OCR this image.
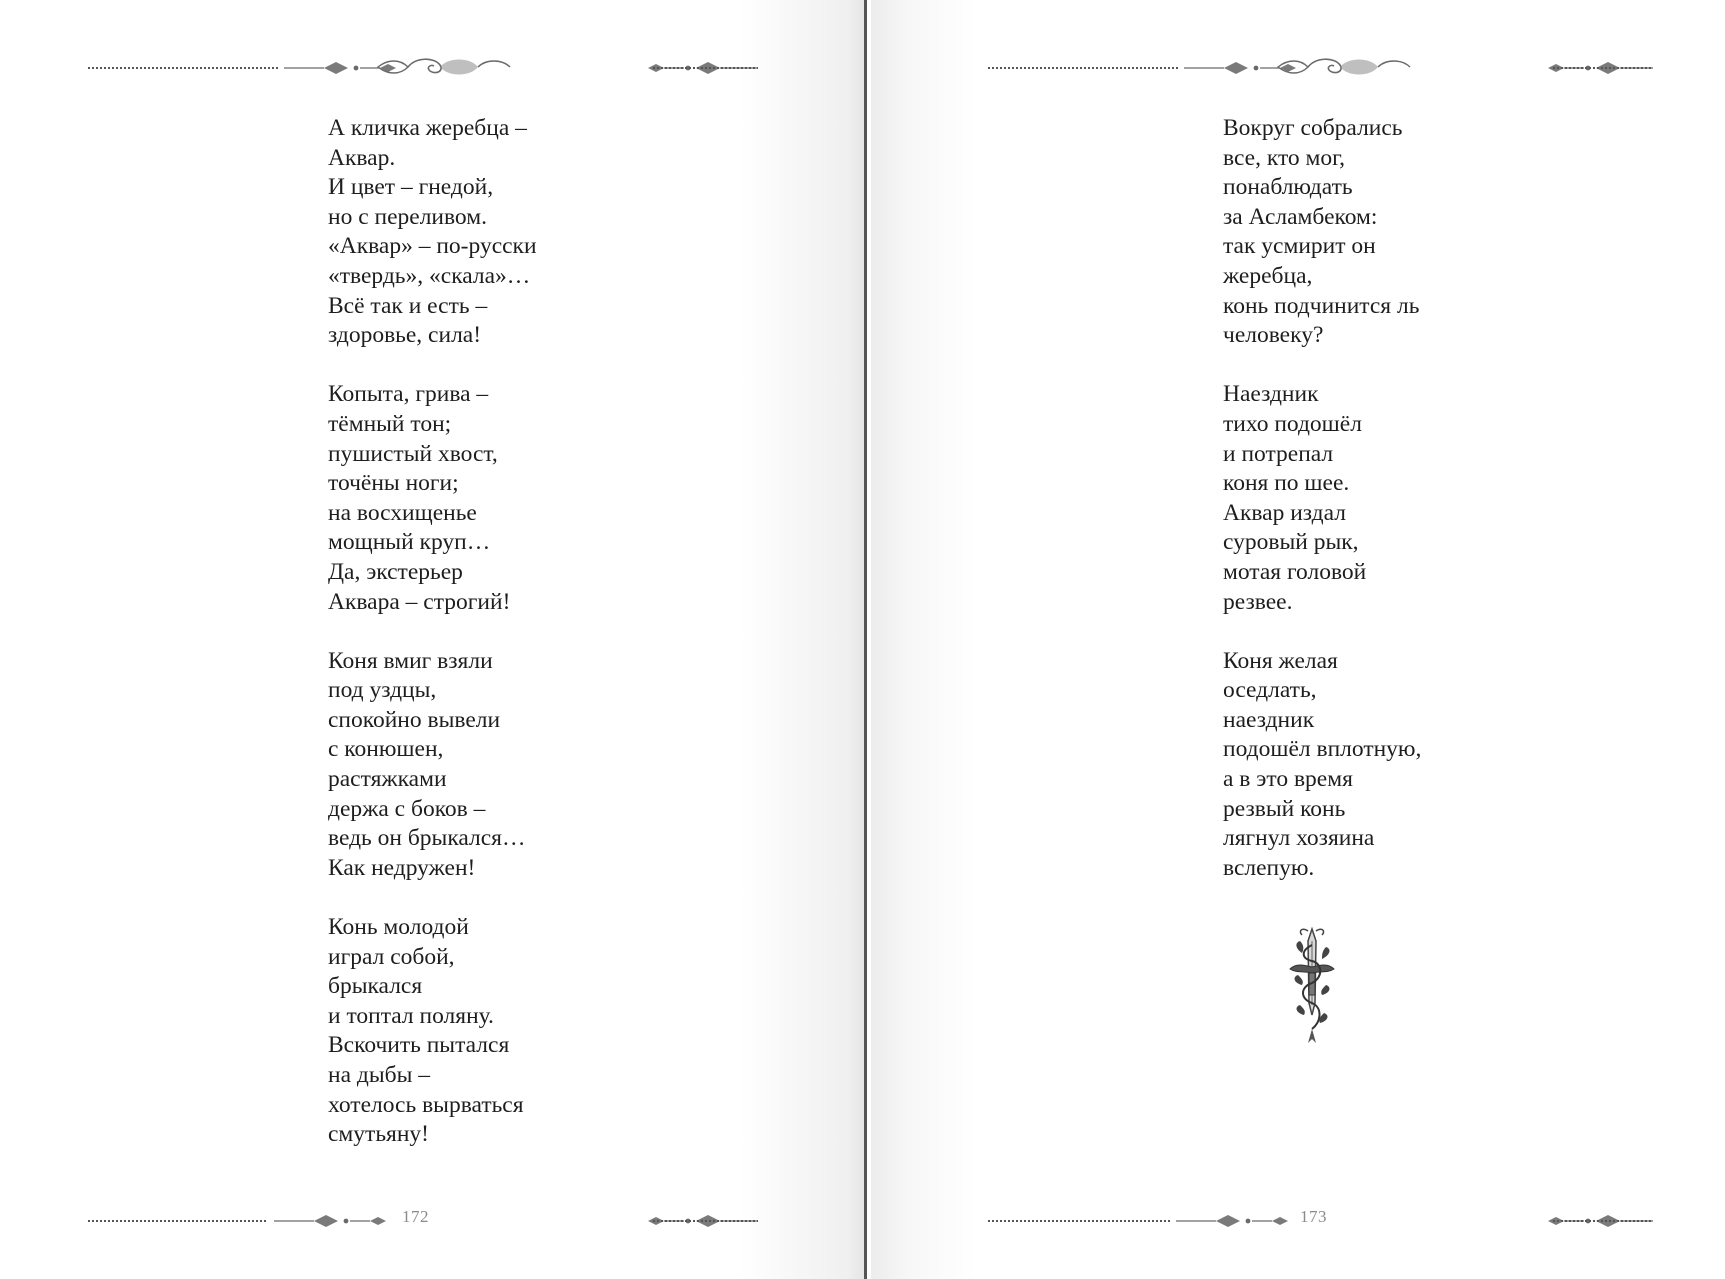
А кличка жеребца –
Аквар.
И цвет – гнедой,
но с переливом.
«Аквар» – по-русски
«твердь», «скала»…
Всё так и есть –
здоровье, сила!
Копыта, грива –
тёмный тон;
пушистый хвост,
точёны ноги;
на восхищенье
мощный круп…
Да, экстерьер
Аквара – строгий!
Коня вмиг взяли
под уздцы,
спокойно вывели
с конюшен,
растяжками
держа с боков –
ведь он брыкался…
Как недружен!
Конь молодой
играл собой,
брыкался
и топтал поляну.
Вскочить пытался
на дыбы –
хотелось вырваться
смутьяну!
172
Вокруг собрались
все, кто мог,
понаблюдать
за Асламбеком:
так усмирит он
жеребца,
конь подчинится ль
человеку?
Наездник
тихо подошёл
и потрепал
коня по шее.
Аквар издал
суровый рык,
мотая головой
резвее.
Коня желая
оседлать,
наездник
подошёл вплотную,
а в это время
резвый конь
лягнул хозяина
вслепую.
173
